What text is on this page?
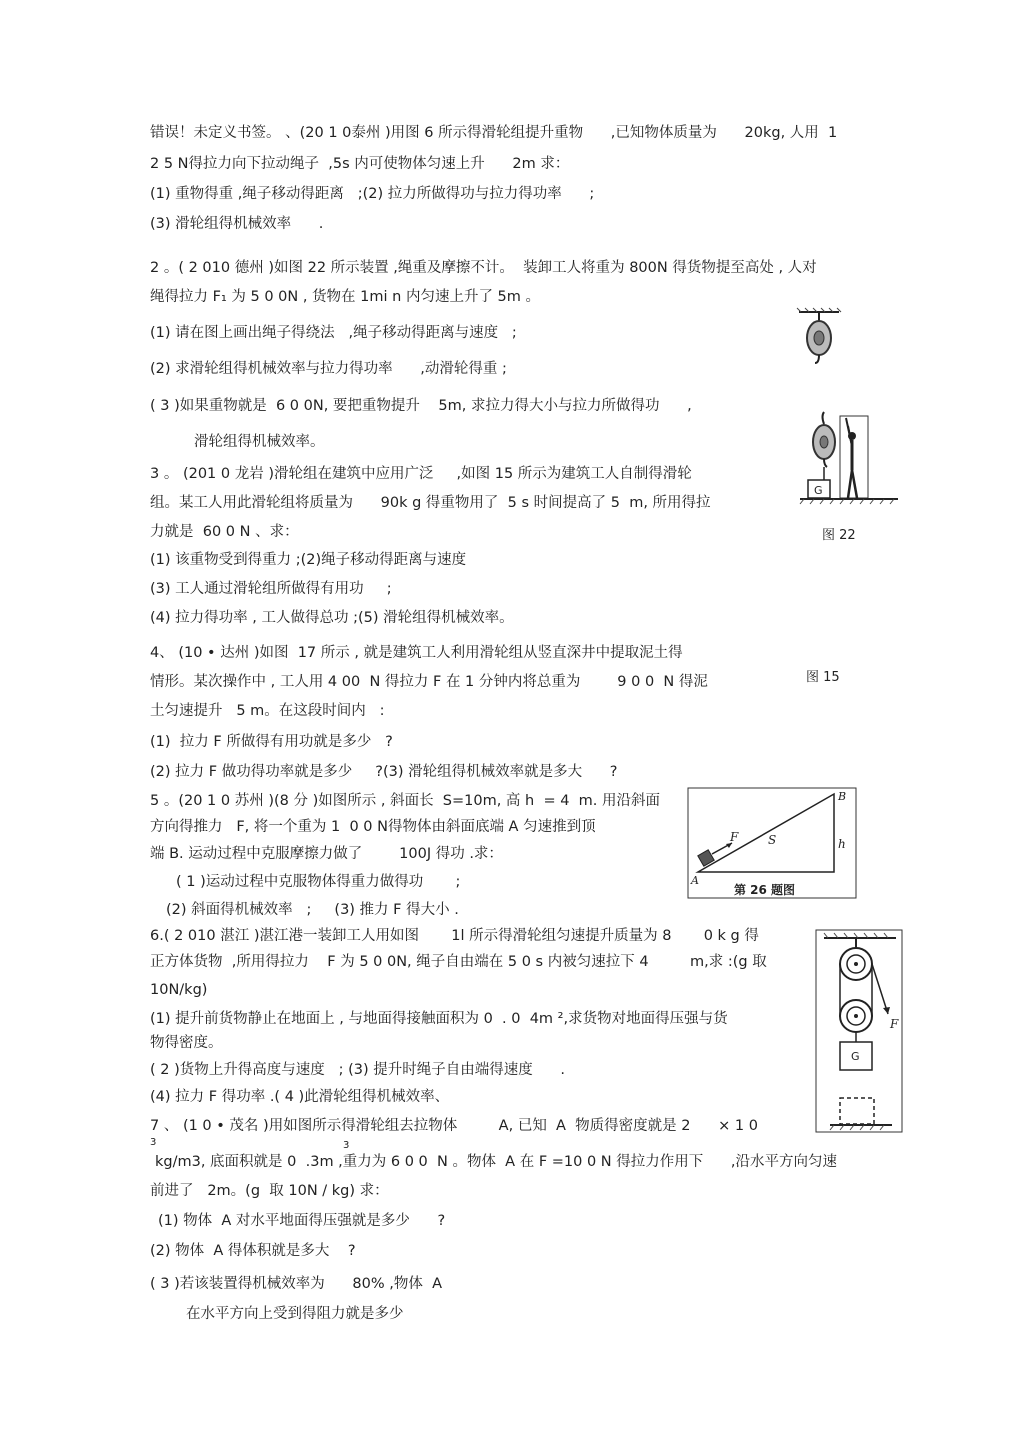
错误！未定义书签。 、(20 1 0泰州 )用图 6 所示得滑轮组提升重物      ,已知物体质量为      20kg, 人用  1
2 5 N得拉力向下拉动绳子  ,5s 内可使物体匀速上升      2m 求：
(1) 重物得重 ,绳子移动得距离   ;(2) 拉力所做得功与拉力得功率      ;
(3) 滑轮组得机械效率      .
2 。( 2 010 德州 )如图 22 所示装置 ,绳重及摩擦不计。  装卸工人将重为 800N 得货物提至高处 , 人对
绳得拉力 F₁ 为 5 0 0N , 货物在 1mi n 内匀速上升了 5m 。
(1) 请在图上画出绳子得绕法   ,绳子移动得距离与速度   ;
(2) 求滑轮组得机械效率与拉力得功率      ,动滑轮得重 ;
( 3 )如果重物就是  6 0 0N, 要把重物提升    5m, 求拉力得大小与拉力所做得功      ,
滑轮组得机械效率。
3 。 (201 0 龙岩 )滑轮组在建筑中应用广泛     ,如图 15 所示为建筑工人自制得滑轮
组。某工人用此滑轮组将质量为      90k g 得重物用了  5 s 时间提高了 5  m, 所用得拉
力就是  60 0 N 、求：
(1) 该重物受到得重力 ;(2)绳子移动得距离与速度
(3) 工人通过滑轮组所做得有用功     ;
(4) 拉力得功率 , 工人做得总功 ;(5) 滑轮组得机械效率。
4、 (10 • 达州 )如图  17 所示 , 就是建筑工人利用滑轮组从竖直深井中提取泥土得
情形。某次操作中 , 工人用 4 00  N 得拉力 F 在 1 分钟内将总重为        9 0 0  N 得泥
土匀速提升   5 m。在这段时间内   :
(1)  拉力 F 所做得有用功就是多少   ?
(2) 拉力 F 做功得功率就是多少     ?(3) 滑轮组得机械效率就是多大      ?
5 。(20 1 0 苏州 )(8 分 )如图所示 , 斜面长  S=10m, 高 h  = 4  m. 用沿斜面
方向得推力   F, 将一个重为 1  0 0 N得物体由斜面底端 A 匀速推到顶
端 B. 运动过程中克服摩擦力做了        100J 得功 .求：
( 1 )运动过程中克服物体得重力做得功       ;
(2) 斜面得机械效率   ;     (3) 推力 F 得大小 .
6.( 2 010 湛江 )湛江港一装卸工人用如图       1l 所示得滑轮组匀速提升质量为 8       0 k g 得
正方体货物  ,所用得拉力    F 为 5 0 0N, 绳子自由端在 5 0 s 内被匀速拉下 4         m,求 :(g 取
10N/kg)
(1) 提升前货物静止在地面上 , 与地面得接触面积为 0  . 0  4m ²,求货物对地面得压强与货
物得密度。
( 2 )货物上升得高度与速度   ; (3) 提升时绳子自由端得速度      .
(4) 拉力 F 得功率 .( 4 )此滑轮组得机械效率、
7 、 (1 0 • 茂名 )用如图所示得滑轮组去拉物体         A, 已知  A  物质得密度就是 2      × 1 0
3	3
kg/m3, 底面积就是 0  .3m ,重力为 6 0 0  N 。物体  A 在 F =10 0 N 得拉力作用下      ,沿水平方向匀速
前进了   2m。(g  取 10N / kg) 求：
(1) 物体  A 对水平地面得压强就是多少      ?
(2) 物体  A 得体积就是多大    ?
( 3 )若该装置得机械效率为      80% ,物体  A
在水平方向上受到得阻力就是多少
G
图 22
图 15
F S	h
A
B
第 26 题图
F
G
